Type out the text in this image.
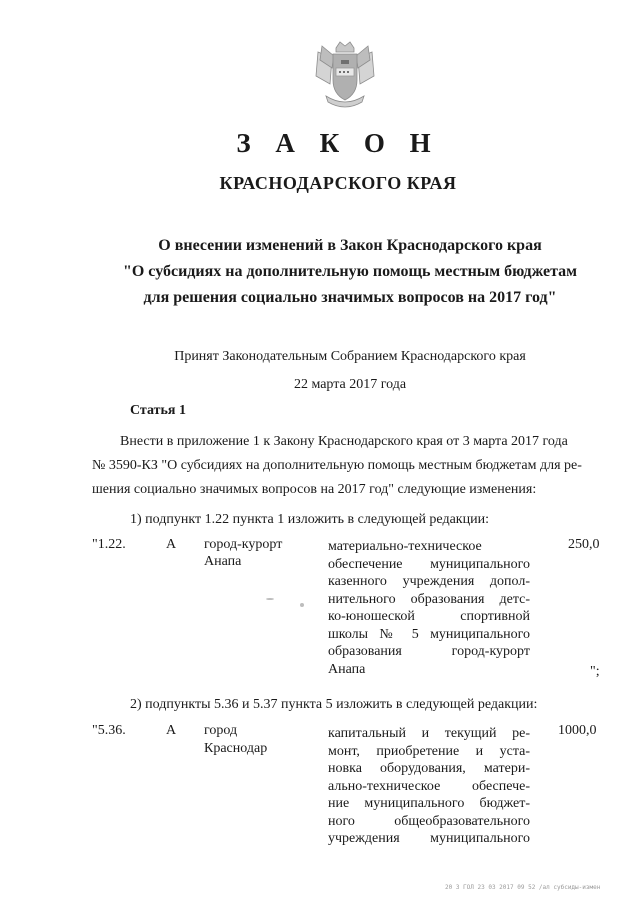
З А К О Н
КРАСНОДАРСКОГО КРАЯ
О внесении изменений в Закон Краснодарского края
"О субсидиях на дополнительную помощь местным бюджетам
для решения социально значимых вопросов на 2017 год"
Принят Законодательным Собранием Краснодарского края
22 марта 2017 года
Статья 1
Внести в приложение 1 к Закону Краснодарского края от 3 марта 2017 года
№ 3590-КЗ "О субсидиях на дополнительную помощь местным бюджетам для ре-
шения социально значимых вопросов на 2017 год" следующие изменения:
1) подпункт 1.22 пункта 1 изложить в следующей редакции:
"1.22.	А город-курорт
Анапа
материально-техническое
обеспечение муниципального
казенного учреждения допол-
нительного образования детс-
ко-юношеской спортивной
школы № 5 муниципального
образования город-курорт
Анапа
250,0
";
2) подпункты 5.36 и 5.37 пункта 5 изложить в следующей редакции:
"5.36.	А город
Краснодар
капитальный и текущий ре-
монт, приобретение и уста-
новка оборудования, матери-
ально-техническое обеспече-
ние муниципального бюджет-
ного общеобразовательного
учреждения муниципального
1000,0
20 3 ГОЛ 23 03 2017 09 52 /ал субсиды-измен
